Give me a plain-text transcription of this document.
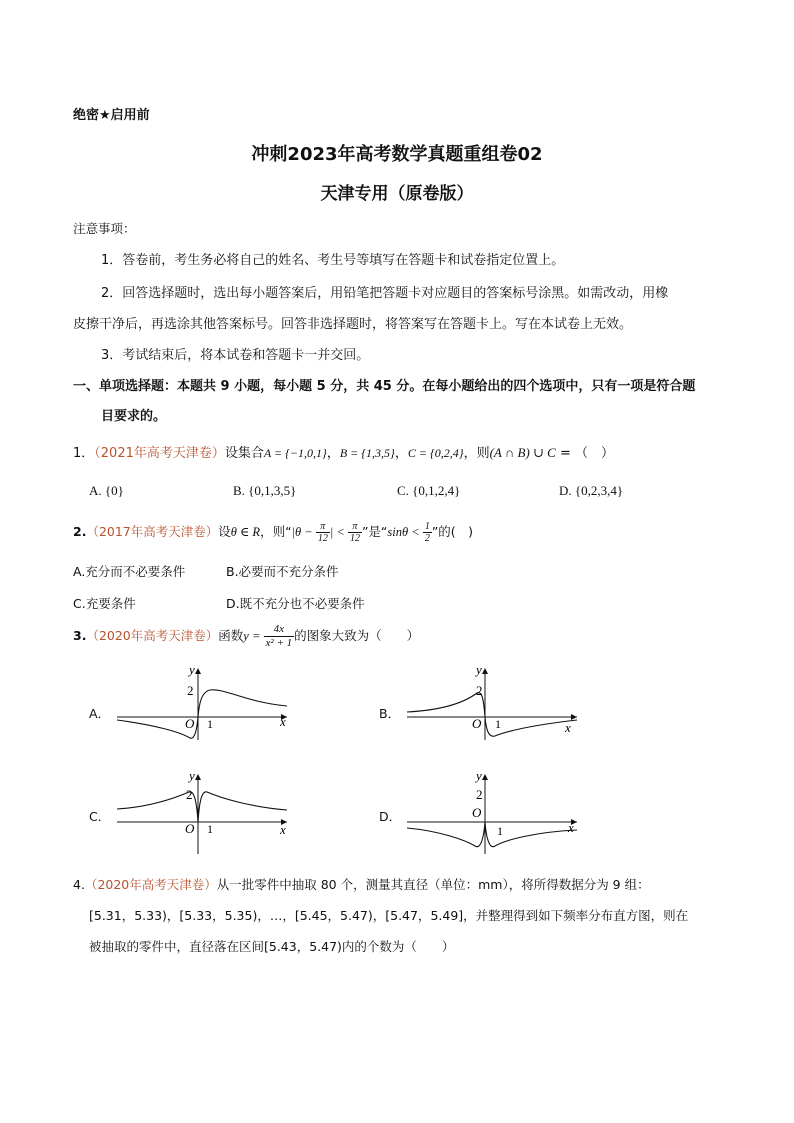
绝密★启用前
冲刺2023年高考数学真题重组卷02
天津专用（原卷版）
注意事项：
1．答卷前，考生务必将自己的姓名、考生号等填写在答题卡和试卷指定位置上。
2．回答选择题时，选出每小题答案后，用铅笔把答题卡对应题目的答案标号涂黑。如需改动，用橡
皮擦干净后，再选涂其他答案标号。回答非选择题时，将答案写在答题卡上。写在本试卷上无效。
3．考试结束后，将本试卷和答题卡一并交回。
一、单项选择题：本题共 9 小题，每小题 5 分，共 45 分。在每小题给出的四个选项中，只有一项是符合题
目要求的。
1．（2021年高考天津卷）设集合A = {−1,0,1}，B = {1,3,5}，C = {0,2,4}，则(A ∩ B) ∪ C = （　）
A. {0}	B. {0,1,3,5}	C. {0,1,2,4}	D. {0,2,3,4}
2.（2017年高考天津卷）设θ ∈ R，则“$|\theta - \frac{\pi}{12}$ | < $\frac{\pi}{12}$ ”是“$\sin\theta < \frac{1}{2}$ ”的(　)
A.充分而不必要条件	B.必要而不充分条件
C.充要条件	D.既不充分也不必要条件
3.（2020年高考天津卷）函数$y = \frac{4x}{\text{x² + 1}}$ 的图象大致为（　　）
A．	B．
C．	D．
y
2
O 1	x
y
2
O 1	x
y
2
O 1	x
y
2
O
1	x
4.（2020年高考天津卷）从一批零件中抽取 80 个，测量其直径（单位：mm），将所得数据分为 9 组：
[5.31，5.33)，[5.33，5.35)，…，[5.45，5.47)，[5.47，5.49]，并整理得到如下频率分布直方图，则在
被抽取的零件中，直径落在区间[5.43，5.47)内的个数为（　　）
